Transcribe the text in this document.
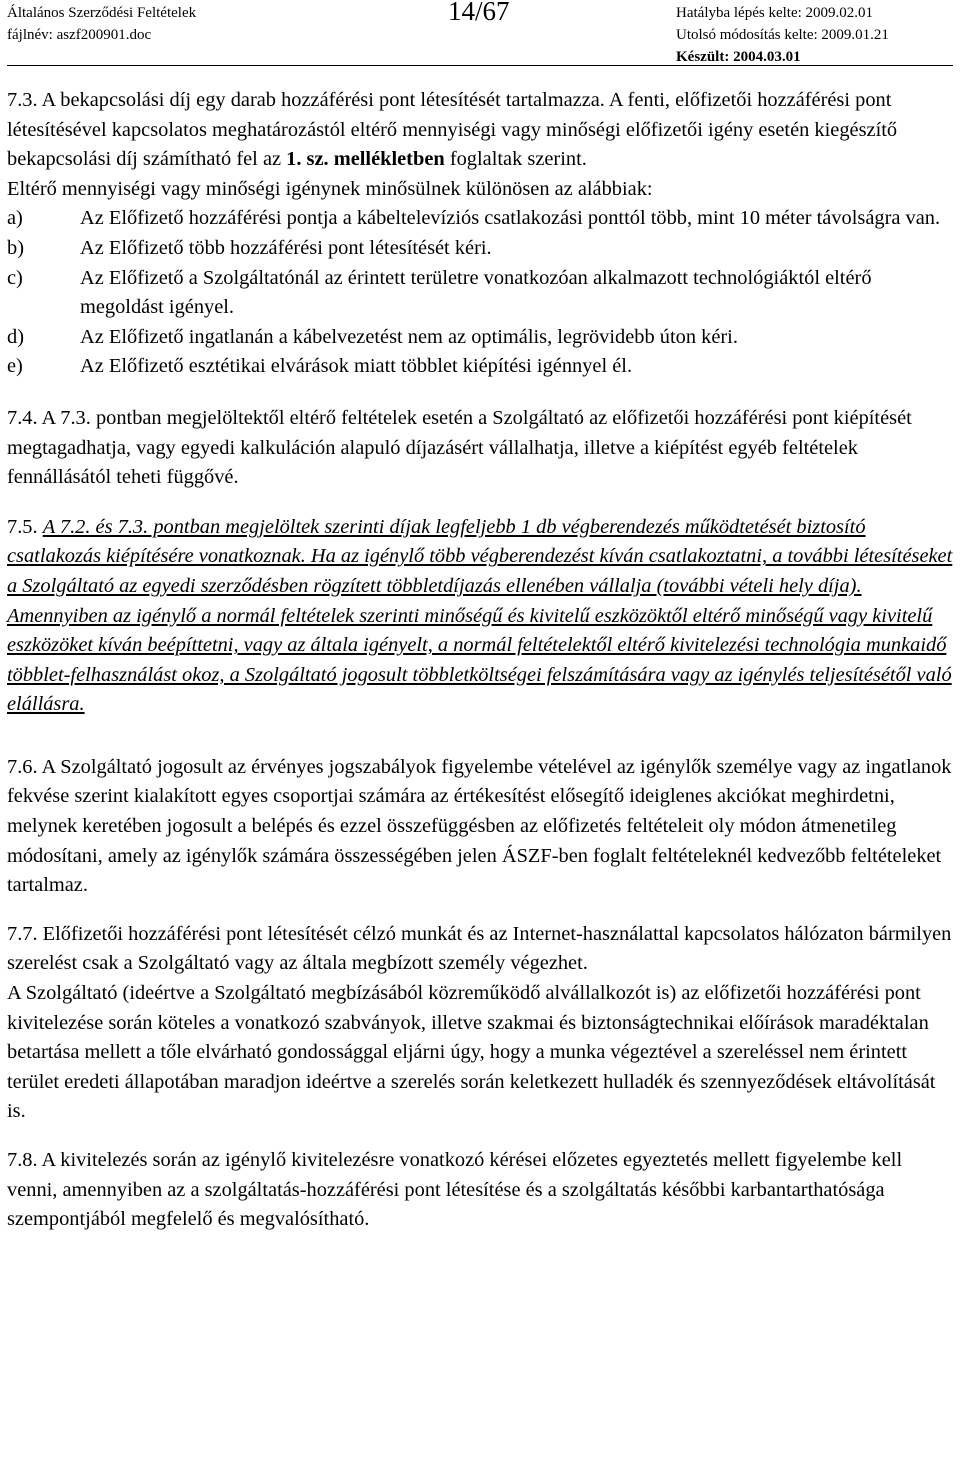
Általános Szerződési Feltételek
fájlnév: aszf200901.doc
14/67	Hatályba lépés kelte: 2009.02.01
Utolsó módosítás kelte: 2009.01.21
Készült: 2004.03.01

7.3. A bekapcsolási díj egy darab hozzáférési pont létesítését tartalmazza. A fenti, előfizetői hozzáférési pont létesítésével kapcsolatos meghatározástól eltérő mennyiségi vagy minőségi előfizetői igény esetén kiegészítő bekapcsolási díj számítható fel az 1. sz. mellékletben foglaltak szerint.

Eltérő mennyiségi vagy minőségi igénynek minősülnek különösen az alábbiak:

a)	Az Előfizető hozzáférési pontja a kábeltelevíziós csatlakozási ponttól több, mint 10 méter távolságra van.
b)	Az Előfizető több hozzáférési pont létesítését kéri.
c)	Az Előfizető a Szolgáltatónál az érintett területre vonatkozóan alkalmazott technológiáktól eltérő megoldást igényel.
d)	Az Előfizető ingatlanán a kábelvezetést nem az optimális, legrövidebb úton kéri.
e)	Az Előfizető esztétikai elvárások miatt többlet kiépítési igénnyel él.

7.4. A 7.3. pontban megjelöltektől eltérő feltételek esetén a Szolgáltató az előfizetői hozzáférési pont kiépítését megtagadhatja, vagy egyedi kalkuláción alapuló díjazásért vállalhatja, illetve a kiépítést egyéb feltételek fennállásától teheti függővé.

7.5. A 7.2. és 7.3. pontban megjelöltek szerinti díjak legfeljebb 1 db végberendezés működtetését biztosító csatlakozás kiépítésére vonatkoznak. Ha az igénylő több végberendezést kíván csatlakoztatni, a további létesítéseket a Szolgáltató az egyedi szerződésben rögzített többletdíjazás ellenében vállalja (további vételi hely díja). Amennyiben az igénylő a normál feltételek szerinti minőségű és kivitelű eszközöktől eltérő minőségű vagy kivitelű eszközöket kíván beépíttetni, vagy az általa igényelt, a normál feltételektől eltérő kivitelezési technológia munkaidő többlet-felhasználást okoz, a Szolgáltató jogosult többletköltségei felszámítására vagy az igénylés teljesítésétől való elállásra.

7.6. A Szolgáltató jogosult az érvényes jogszabályok figyelembe vételével az igénylők személye vagy az ingatlanok fekvése szerint kialakított egyes csoportjai számára az értékesítést elősegítő ideiglenes akciókat meghirdetni, melynek keretében jogosult a belépés és ezzel összefüggésben az előfizetés feltételeit oly módon átmenetileg módosítani, amely az igénylők számára összességében jelen ÁSZF-ben foglalt feltételeknél kedvezőbb feltételeket tartalmaz.

7.7. Előfizetői hozzáférési pont létesítését célzó munkát és az Internet-használattal kapcsolatos hálózaton bármilyen szerelést csak a Szolgáltató vagy az általa megbízott személy végezhet.

A Szolgáltató (ideértve a Szolgáltató megbízásából közreműködő alvállalkozót is) az előfizetői hozzáférési pont kivitelezése során köteles a vonatkozó szabványok, illetve szakmai és biztonságtechnikai előírások maradéktalan betartása mellett a tőle elvárható gondossággal eljárni úgy, hogy a munka végeztével a szereléssel nem érintett terület eredeti állapotában maradjon ideértve a szerelés során keletkezett hulladék és szennyeződések eltávolítását is.

7.8. A kivitelezés során az igénylő kivitelezésre vonatkozó kérései előzetes egyeztetés mellett figyelembe kell venni, amennyiben az a szolgáltatás-hozzáférési pont létesítése és a szolgáltatás későbbi karbantarthatósága szempontjából megfelelő és megvalósítható.
